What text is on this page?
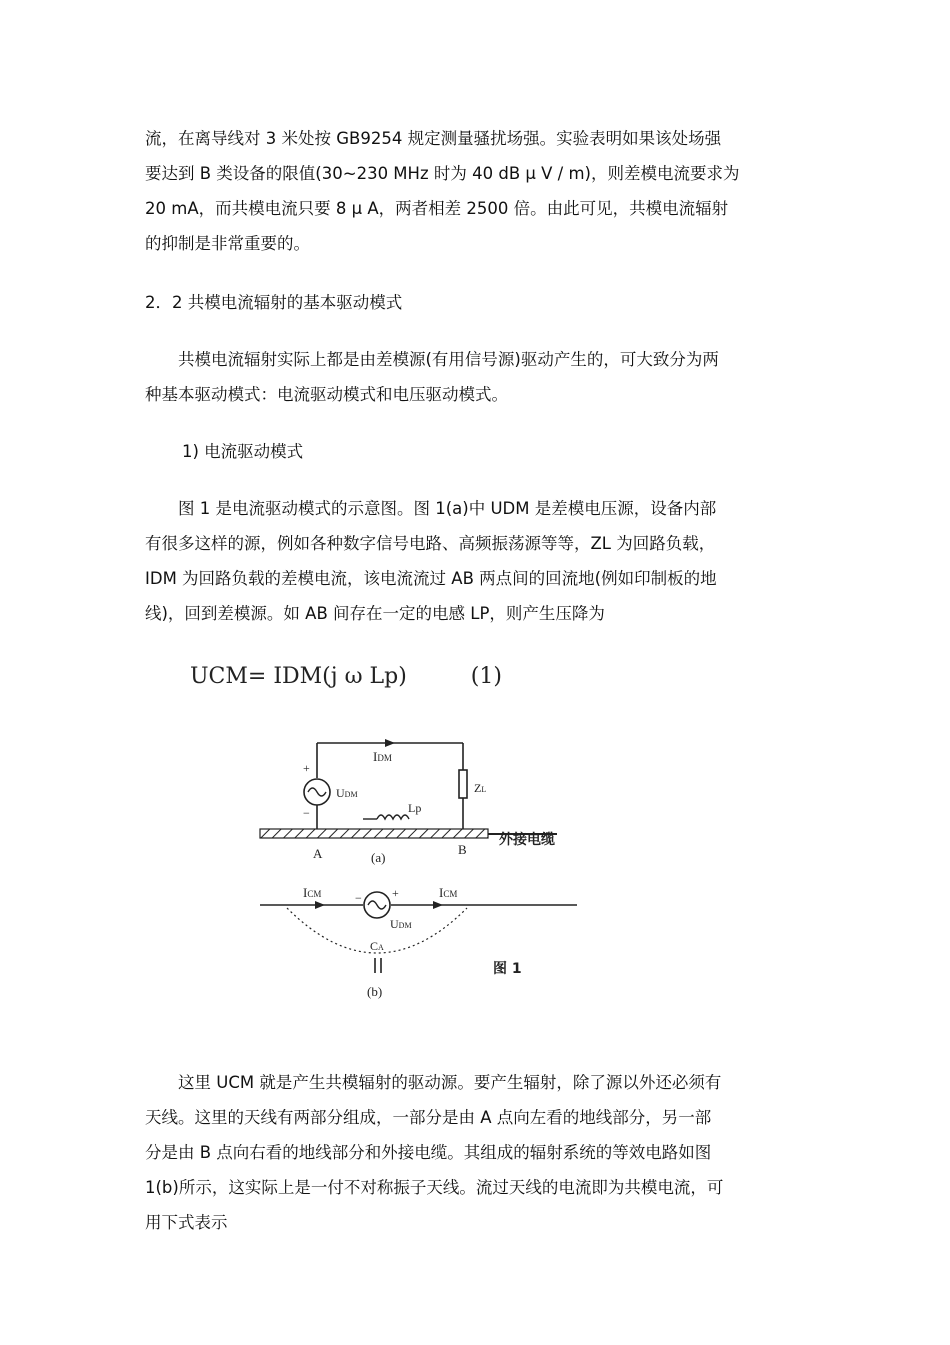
流，在离导线对 3 米处按 GB9254 规定测量骚扰场强。实验表明如果该处场强
要达到 B 类设备的限值(30~230 MHz 时为 40 dB μ V / m)，则差模电流要求为
20 mA，而共模电流只要 8 μ A，两者相差 2500 倍。由此可见，共模电流辐射
的抑制是非常重要的。
2．2 共模电流辐射的基本驱动模式
　　共模电流辐射实际上都是由差模源(有用信号源)驱动产生的，可大致分为两
种基本驱动模式：电流驱动模式和电压驱动模式。
1) 电流驱动模式
　　图 1 是电流驱动模式的示意图。图 1(a)中 UDM 是差模电压源，设备内部
有很多这样的源，例如各种数字信号电路、高频振荡源等等，ZL 为回路负载，
IDM 为回路负载的差模电流，该电流流过 AB 两点间的回流地(例如印制板的地
线)，回到差模源。如 AB 间存在一定的电感 LP，则产生压降为
UCM= IDM(j ω Lp)	(1)
IDM
UDM
+
−
ZL
Lp
A	B
外接电缆
(a)
ICM	ICM
−	+
UDM
CA
(b)
图 1
　　这里 UCM 就是产生共模辐射的驱动源。要产生辐射，除了源以外还必须有
天线。这里的天线有两部分组成，一部分是由 A 点向左看的地线部分，另一部
分是由 B 点向右看的地线部分和外接电缆。其组成的辐射系统的等效电路如图
1(b)所示，这实际上是一付不对称振子天线。流过天线的电流即为共模电流，可
用下式表示
